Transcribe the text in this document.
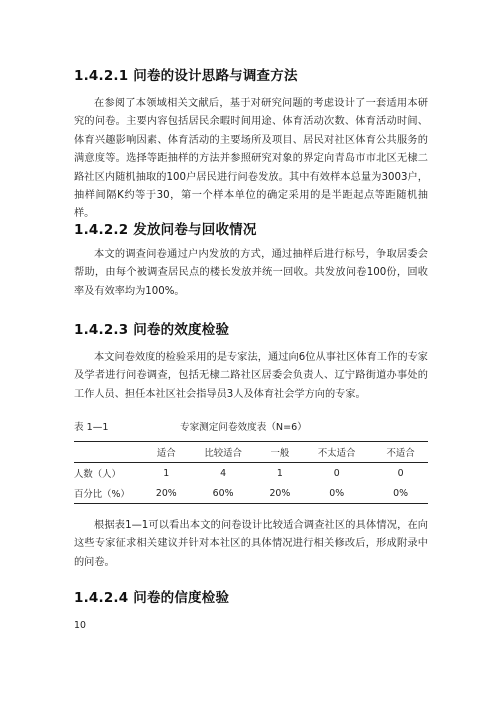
1.4.2.1 问卷的设计思路与调查方法
在参阅了本领域相关文献后，基于对研究问题的考虑设计了一套适用本研究的问卷。主要内容包括居民余暇时间用途、体育活动次数、体育活动时间、体育兴趣影响因素、体育活动的主要场所及项目、居民对社区体育公共服务的满意度等。选择等距抽样的方法并参照研究对象的界定向青岛市市北区无棣二路社区内随机抽取的100户居民进行问卷发放。其中有效样本总量为3003户，抽样间隔K约等于30，第一个样本单位的确定采用的是半距起点等距随机抽样。
1.4.2.2 发放问卷与回收情况
本文的调查问卷通过户内发放的方式，通过抽样后进行标号，争取居委会帮助，由每个被调查居民点的楼长发放并统一回收。共发放问卷100份，回收率及有效率均为100%。
1.4.2.3 问卷的效度检验
本文问卷效度的检验采用的是专家法，通过向6位从事社区体育工作的专家及学者进行问卷调查，包括无棣二路社区居委会负责人、辽宁路街道办事处的工作人员、担任本社区社会指导员3人及体育社会学方向的专家。
表 1—1	专家测定问卷效度表（N=6）
	适合	比较适合	一般	不太适合	不适合
人数（人）	1	4	1	0	0
百分比（%）	20%	60%	20%	0%	0%
根据表1—1可以看出本文的问卷设计比较适合调查社区的具体情况，在向这些专家征求相关建议并针对本社区的具体情况进行相关修改后，形成附录中的问卷。
1.4.2.4 问卷的信度检验
10
